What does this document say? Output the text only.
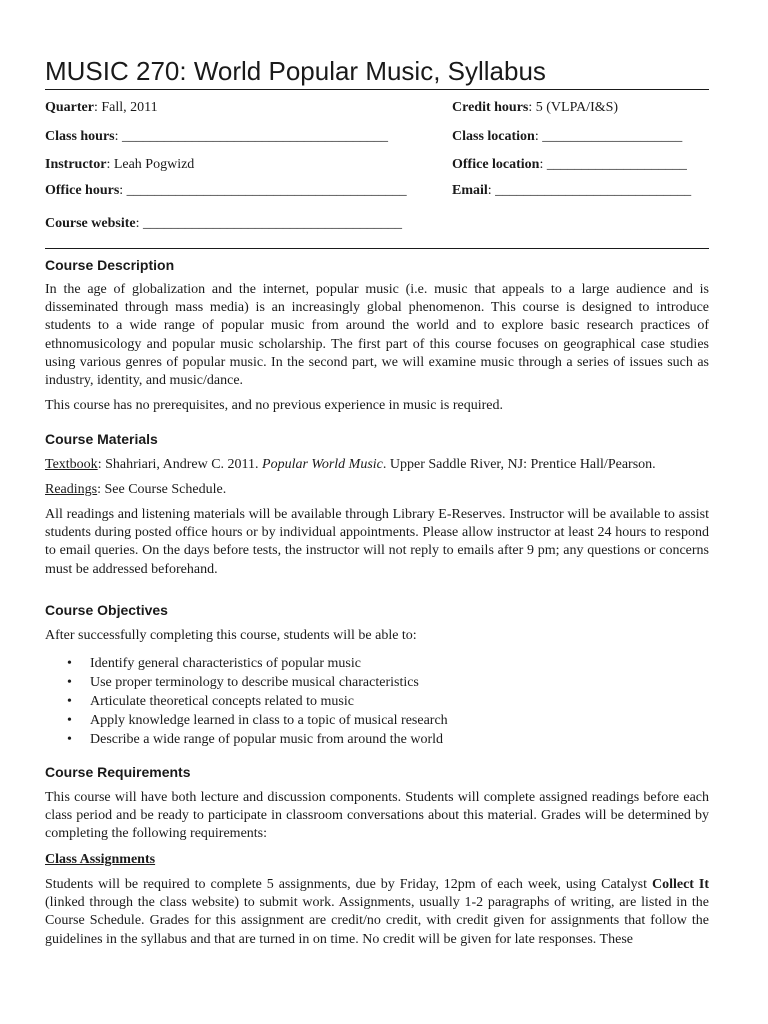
MUSIC 270: World Popular Music, Syllabus
Quarter: Fall, 2011	Credit hours: 5 (VLPA/I&S)
Class hours: ______________________________________	Class location: ____________________
Instructor: Leah Pogwizd	Office location: ____________________
Office hours: ________________________________________	Email: ____________________________
Course website: _____________________________________
Course Description

In the age of globalization and the internet, popular music (i.e. music that appeals to a large audience and is disseminated through mass media) is an increasingly global phenomenon. This course is designed to introduce students to a wide range of popular music from around the world and to explore basic research practices of ethnomusicology and popular music scholarship. The first part of this course focuses on geographical case studies using various genres of popular music. In the second part, we will examine music through a series of issues such as industry, identity, and music/dance.

This course has no prerequisites, and no previous experience in music is required.

Course Materials

Textbook: Shahriari, Andrew C. 2011. Popular World Music. Upper Saddle River, NJ: Prentice Hall/Pearson.

Readings: See Course Schedule.

All readings and listening materials will be available through Library E-Reserves. Instructor will be available to assist students during posted office hours or by individual appointments. Please allow instructor at least 24 hours to respond to email queries. On the days before tests, the instructor will not reply to emails after 9 pm; any questions or concerns must be addressed beforehand.

Course Objectives

After successfully completing this course, students will be able to:

• Identify general characteristics of popular music
• Use proper terminology to describe musical characteristics
• Articulate theoretical concepts related to music
• Apply knowledge learned in class to a topic of musical research
• Describe a wide range of popular music from around the world
Course Requirements

This course will have both lecture and discussion components. Students will complete assigned readings before each class period and be ready to participate in classroom conversations about this material. Grades will be determined by completing the following requirements:

Class Assignments

Students will be required to complete 5 assignments, due by Friday, 12pm of each week, using Catalyst Collect It (linked through the class website) to submit work. Assignments, usually 1-2 paragraphs of writing, are listed in the Course Schedule. Grades for this assignment are credit/no credit, with credit given for assignments that follow the guidelines in the syllabus and that are turned in on time. No credit will be given for late responses. These
